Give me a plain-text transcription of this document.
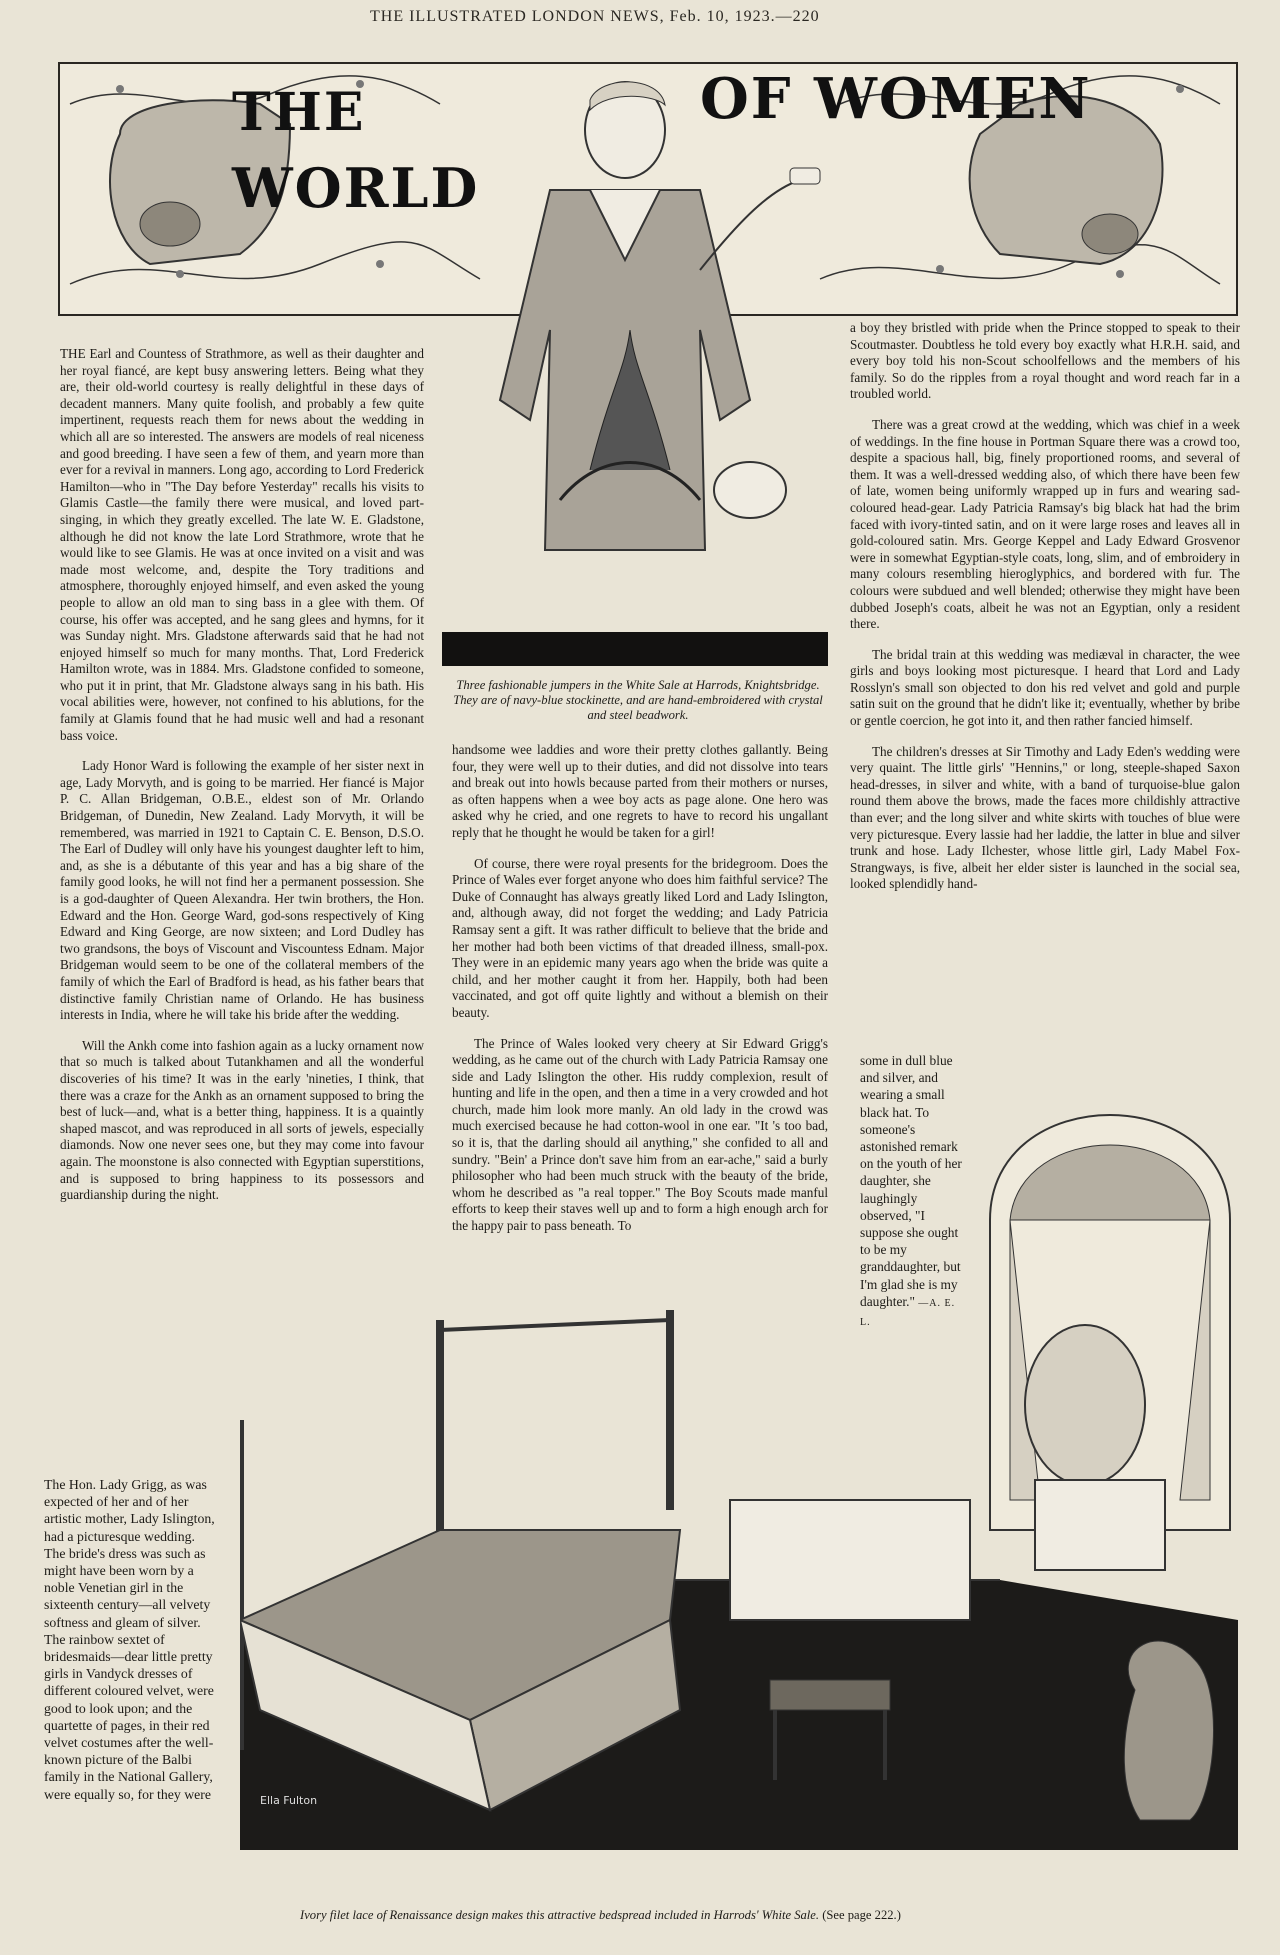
THE ILLUSTRATED LONDON NEWS, Feb. 10, 1923.—220
THE
WORLD
OF WOMEN
Three fashionable jumpers in the White Sale at Harrods, Knightsbridge. They are of navy-blue stockinette, and are hand-embroidered with crystal and steel beadwork.

THE Earl and Countess of Strathmore, as well as their daughter and her royal fiancé, are kept busy answering letters. Being what they are, their old-world courtesy is really delightful in these days of decadent manners. Many quite foolish, and probably a few quite impertinent, requests reach them for news about the wedding in which all are so interested. The answers are models of real niceness and good breeding. I have seen a few of them, and yearn more than ever for a revival in manners. Long ago, according to Lord Frederick Hamilton—who in "The Day before Yesterday" recalls his visits to Glamis Castle—the family there were musical, and loved part-singing, in which they greatly excelled. The late W. E. Gladstone, although he did not know the late Lord Strathmore, wrote that he would like to see Glamis. He was at once invited on a visit and was made most welcome, and, despite the Tory traditions and atmosphere, thoroughly enjoyed himself, and even asked the young people to allow an old man to sing bass in a glee with them. Of course, his offer was accepted, and he sang glees and hymns, for it was Sunday night. Mrs. Gladstone afterwards said that he had not enjoyed himself so much for many months. That, Lord Frederick Hamilton wrote, was in 1884. Mrs. Gladstone confided to someone, who put it in print, that Mr. Gladstone always sang in his bath. His vocal abilities were, however, not confined to his ablutions, for the family at Glamis found that he had music well and had a resonant bass voice.

Lady Honor Ward is following the example of her sister next in age, Lady Morvyth, and is going to be married. Her fiancé is Major P. C. Allan Bridgeman, O.B.E., eldest son of Mr. Orlando Bridgeman, of Dunedin, New Zealand. Lady Morvyth, it will be remembered, was married in 1921 to Captain C. E. Benson, D.S.O. The Earl of Dudley will only have his youngest daughter left to him, and, as she is a débutante of this year and has a big share of the family good looks, he will not find her a permanent possession. She is a god-daughter of Queen Alexandra. Her twin brothers, the Hon. Edward and the Hon. George Ward, god-sons respectively of King Edward and King George, are now sixteen; and Lord Dudley has two grandsons, the boys of Viscount and Viscountess Ednam. Major Bridgeman would seem to be one of the collateral members of the family of which the Earl of Bradford is head, as his father bears that distinctive family Christian name of Orlando. He has business interests in India, where he will take his bride after the wedding.

Will the Ankh come into fashion again as a lucky ornament now that so much is talked about Tutankhamen and all the wonderful discoveries of his time? It was in the early 'nineties, I think, that there was a craze for the Ankh as an ornament supposed to bring the best of luck—and, what is a better thing, happiness. It is a quaintly shaped mascot, and was reproduced in all sorts of jewels, especially diamonds. Now one never sees one, but they may come into favour again. The moonstone is also connected with Egyptian superstitions, and is supposed to bring happiness to its possessors and guardianship during the night.

The Hon. Lady Grigg, as was expected of her and of her artistic mother, Lady Islington, had a picturesque wedding. The bride's dress was such as might have been worn by a noble Venetian girl in the sixteenth century—all velvety softness and gleam of silver. The rainbow sextet of bridesmaids—dear little pretty girls in Vandyck dresses of different coloured velvet, were good to look upon; and the quartette of pages, in their red velvet costumes after the well-known picture of the Balbi family in the National Gallery, were equally so, for they were

handsome wee laddies and wore their pretty clothes gallantly. Being four, they were well up to their duties, and did not dissolve into tears and break out into howls because parted from their mothers or nurses, as often happens when a wee boy acts as page alone. One hero was asked why he cried, and one regrets to have to record his ungallant reply that he thought he would be taken for a girl!

Of course, there were royal presents for the bridegroom. Does the Prince of Wales ever forget anyone who does him faithful service? The Duke of Connaught has always greatly liked Lord and Lady Islington, and, although away, did not forget the wedding; and Lady Patricia Ramsay sent a gift. It was rather difficult to believe that the bride and her mother had both been victims of that dreaded illness, small-pox. They were in an epidemic many years ago when the bride was quite a child, and her mother caught it from her. Happily, both had been vaccinated, and got off quite lightly and without a blemish on their beauty.

The Prince of Wales looked very cheery at Sir Edward Grigg's wedding, as he came out of the church with Lady Patricia Ramsay one side and Lady Islington the other. His ruddy complexion, result of hunting and life in the open, and then a time in a very crowded and hot church, made him look more manly. An old lady in the crowd was much exercised because he had cotton-wool in one ear. "It 's too bad, so it is, that the darling should ail anything," she confided to all and sundry. "Bein' a Prince don't save him from an ear-ache," said a burly philosopher who had been much struck with the beauty of the bride, whom he described as "a real topper." The Boy Scouts made manful efforts to keep their staves well up and to form a high enough arch for the happy pair to pass beneath. To

a boy they bristled with pride when the Prince stopped to speak to their Scoutmaster. Doubtless he told every boy exactly what H.R.H. said, and every boy told his non-Scout schoolfellows and the members of his family. So do the ripples from a royal thought and word reach far in a troubled world.

There was a great crowd at the wedding, which was chief in a week of weddings. In the fine house in Portman Square there was a crowd too, despite a spacious hall, big, finely proportioned rooms, and several of them. It was a well-dressed wedding also, of which there have been few of late, women being uniformly wrapped up in furs and wearing sad-coloured head-gear. Lady Patricia Ramsay's big black hat had the brim faced with ivory-tinted satin, and on it were large roses and leaves all in gold-coloured satin. Mrs. George Keppel and Lady Edward Grosvenor were in somewhat Egyptian-style coats, long, slim, and of embroidery in many colours resembling hieroglyphics, and bordered with fur. The colours were subdued and well blended; otherwise they might have been dubbed Joseph's coats, albeit he was not an Egyptian, only a resident there.

The bridal train at this wedding was mediæval in character, the wee girls and boys looking most picturesque. I heard that Lord and Lady Rosslyn's small son objected to don his red velvet and gold and purple satin suit on the ground that he didn't like it; eventually, whether by bribe or gentle coercion, he got into it, and then rather fancied himself.

The children's dresses at Sir Timothy and Lady Eden's wedding were very quaint. The little girls' "Hennins," or long, steeple-shaped Saxon head-dresses, in silver and white, with a band of turquoise-blue galon round them above the brows, made the faces more childishly attractive than ever; and the long silver and white skirts with touches of blue were very picturesque. Every lassie had her laddie, the latter in blue and silver trunk and hose. Lady Ilchester, whose little girl, Lady Mabel Fox-Strangways, is five, albeit her elder sister is launched in the social sea, looked splendidly hand-

some in dull blue and silver, and wearing a small black hat. To someone's astonished remark on the youth of her daughter, she laughingly observed, "I suppose she ought to be my granddaughter, but I'm glad she is my daughter." —A. E. L.
Ella Fulton
Ivory filet lace of Renaissance design makes this attractive bedspread included in Harrods' White Sale. (See page 222.)
